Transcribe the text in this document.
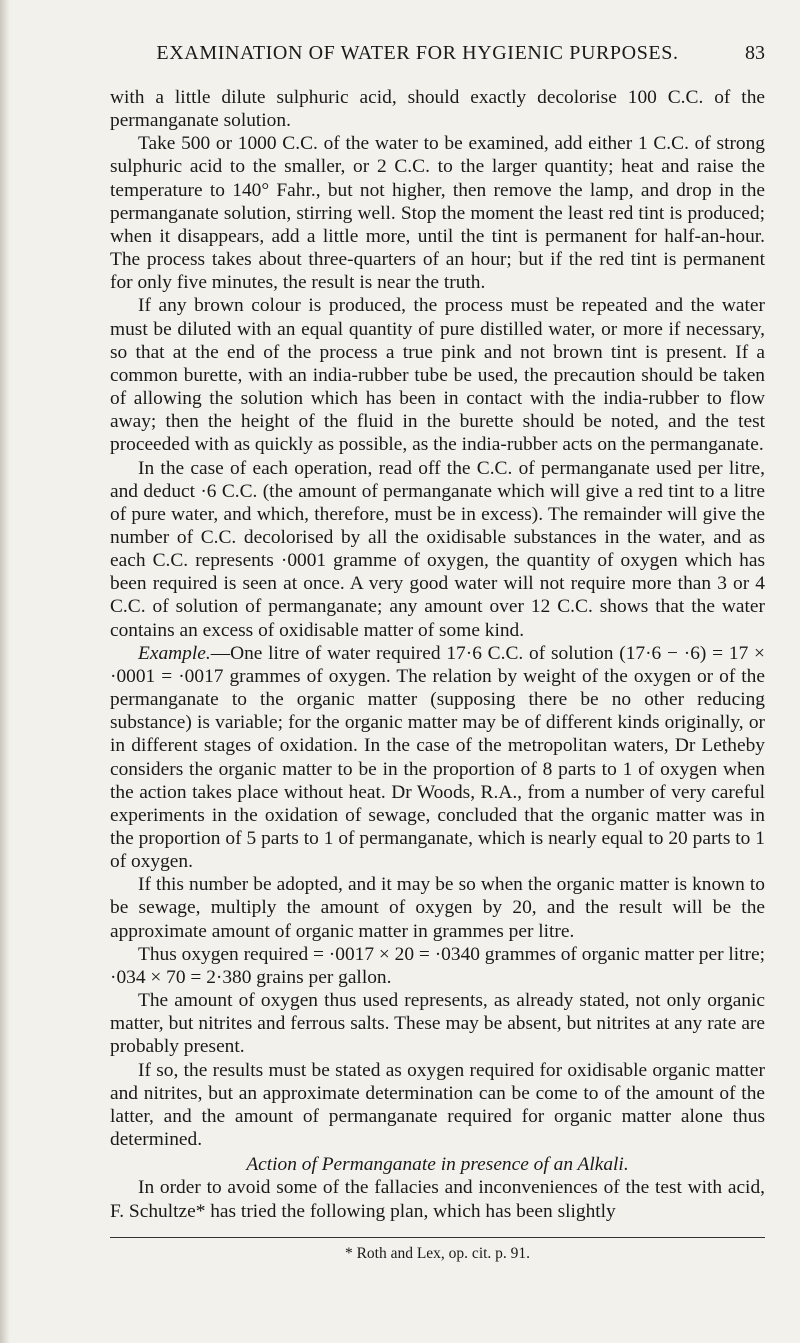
EXAMINATION OF WATER FOR HYGIENIC PURPOSES.	83

with a little dilute sulphuric acid, should exactly decolorise 100 C.C. of the permanganate solution.

Take 500 or 1000 C.C. of the water to be examined, add either 1 C.C. of strong sulphuric acid to the smaller, or 2 C.C. to the larger quantity; heat and raise the temperature to 140° Fahr., but not higher, then remove the lamp, and drop in the permanganate solution, stirring well. Stop the moment the least red tint is produced; when it disappears, add a little more, until the tint is permanent for half-an-hour. The process takes about three-quarters of an hour; but if the red tint is permanent for only five minutes, the result is near the truth.

If any brown colour is produced, the process must be repeated and the water must be diluted with an equal quantity of pure distilled water, or more if necessary, so that at the end of the process a true pink and not brown tint is present. If a common burette, with an india-rubber tube be used, the precaution should be taken of allowing the solution which has been in contact with the india-rubber to flow away; then the height of the fluid in the burette should be noted, and the test proceeded with as quickly as possible, as the india-rubber acts on the permanganate.

In the case of each operation, read off the C.C. of permanganate used per litre, and deduct ·6 C.C. (the amount of permanganate which will give a red tint to a litre of pure water, and which, therefore, must be in excess). The remainder will give the number of C.C. decolorised by all the oxidisable substances in the water, and as each C.C. represents ·0001 gramme of oxygen, the quantity of oxygen which has been required is seen at once. A very good water will not require more than 3 or 4 C.C. of solution of permanganate; any amount over 12 C.C. shows that the water contains an excess of oxidisable matter of some kind.

Example.—One litre of water required 17·6 C.C. of solution (17·6 − ·6) = 17 × ·0001 = ·0017 grammes of oxygen. The relation by weight of the oxygen or of the permanganate to the organic matter (supposing there be no other reducing substance) is variable; for the organic matter may be of different kinds originally, or in different stages of oxidation. In the case of the metropolitan waters, Dr Letheby considers the organic matter to be in the proportion of 8 parts to 1 of oxygen when the action takes place without heat. Dr Woods, R.A., from a number of very careful experiments in the oxidation of sewage, concluded that the organic matter was in the proportion of 5 parts to 1 of permanganate, which is nearly equal to 20 parts to 1 of oxygen.

If this number be adopted, and it may be so when the organic matter is known to be sewage, multiply the amount of oxygen by 20, and the result will be the approximate amount of organic matter in grammes per litre.

Thus oxygen required = ·0017 × 20 = ·0340 grammes of organic matter per litre; ·034 × 70 = 2·380 grains per gallon.

The amount of oxygen thus used represents, as already stated, not only organic matter, but nitrites and ferrous salts. These may be absent, but nitrites at any rate are probably present.

If so, the results must be stated as oxygen required for oxidisable organic matter and nitrites, but an approximate determination can be come to of the amount of the latter, and the amount of permanganate required for organic matter alone thus determined.

Action of Permanganate in presence of an Alkali.

In order to avoid some of the fallacies and inconveniences of the test with acid, F. Schultze* has tried the following plan, which has been slightly

* Roth and Lex, op. cit. p. 91.
